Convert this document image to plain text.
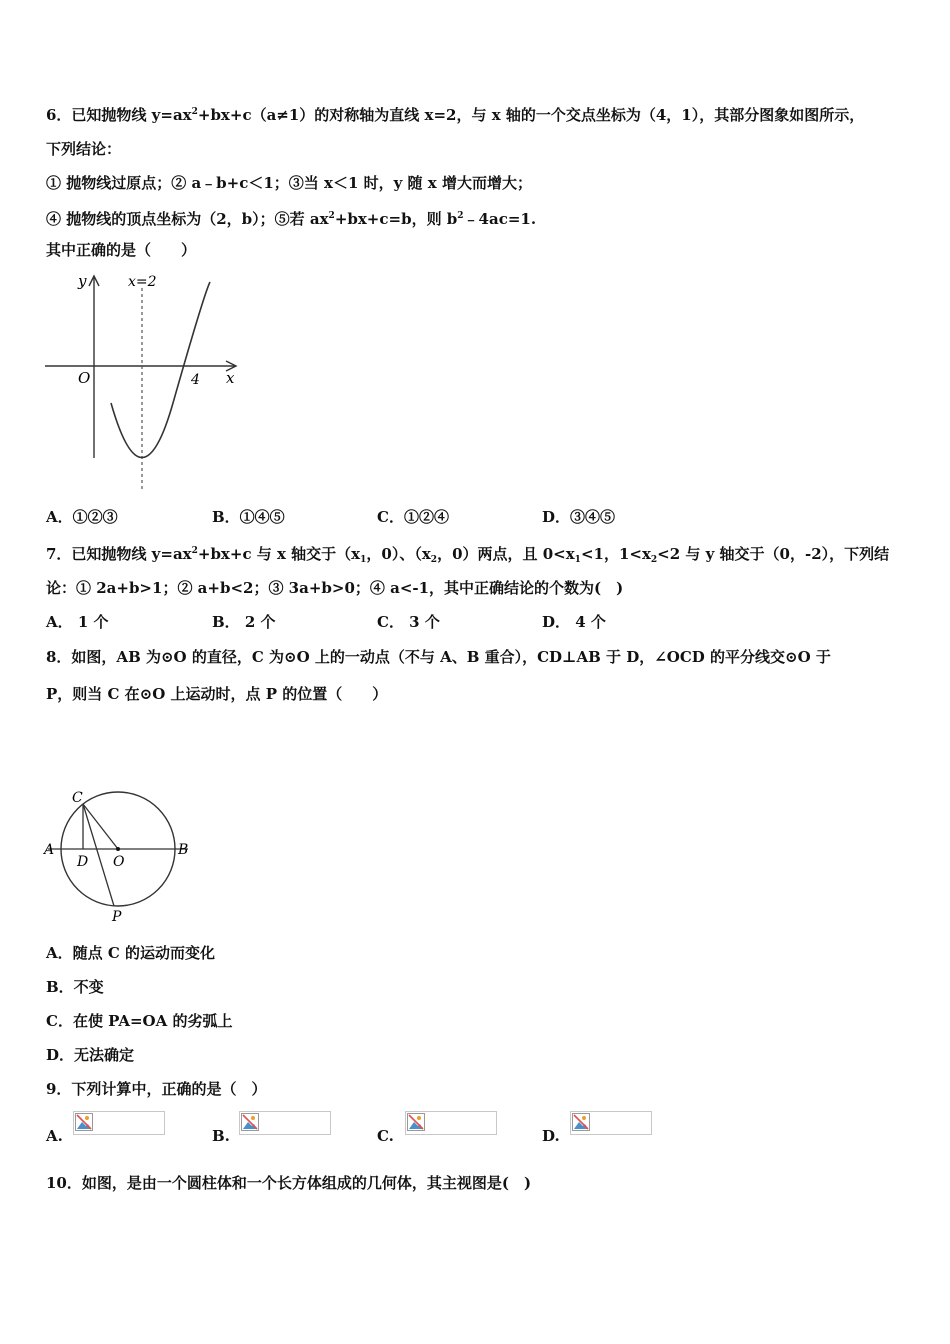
6．已知抛物线 $y=ax^2+bx+c(a\ne 1)$的对称轴为直线 x=2，与 x 轴的一个交点坐标为（4，1），其部分图象如图所示，
下列结论：
① 抛物线过原点；② a﹣b+c＜1；③当 x＜1 时，y 随 x 增大而增大；
④ 抛物线的顶点坐标为（2，b）；⑤若 $ax^2+bx+c=b$，则 $b^2﹣4ac=1$.
其中正确的是（　　）
y
x
O
x=2
4
A．①②③	B．①④⑤	C．①②④	D．③④⑤
7．已知抛物线 $y=ax^2+bx+c$ 与 x 轴交于（$x_1$，0）、（$x_2$，0）两点，且 $0<x_1<1$，$1<x_2<2$ 与 y 轴交于（0，-2），下列结
论：① 2a+b>1；② a+b<2；③ 3a+b>0；④ a<-1，其中正确结论的个数为(　)
A． 1 个	B． 2 个	C． 3 个	D． 4 个
8．如图，AB 为⊙O 的直径，C 为⊙O 上的一动点（不与 A、B 重合），CD⊥AB 于 D，∠OCD 的平分线交⊙O 于
P，则当 C 在⊙O 上运动时，点 P 的位置（　　）
A	B
C
D O
P
A．随点 C 的运动而变化
B．不变
C．在使 PA=OA 的劣弧上
D．无法确定
9．下列计算中，正确的是（　）
A.	B.	C.	D.
10．如图，是由一个圆柱体和一个长方体组成的几何体，其主视图是(　)
